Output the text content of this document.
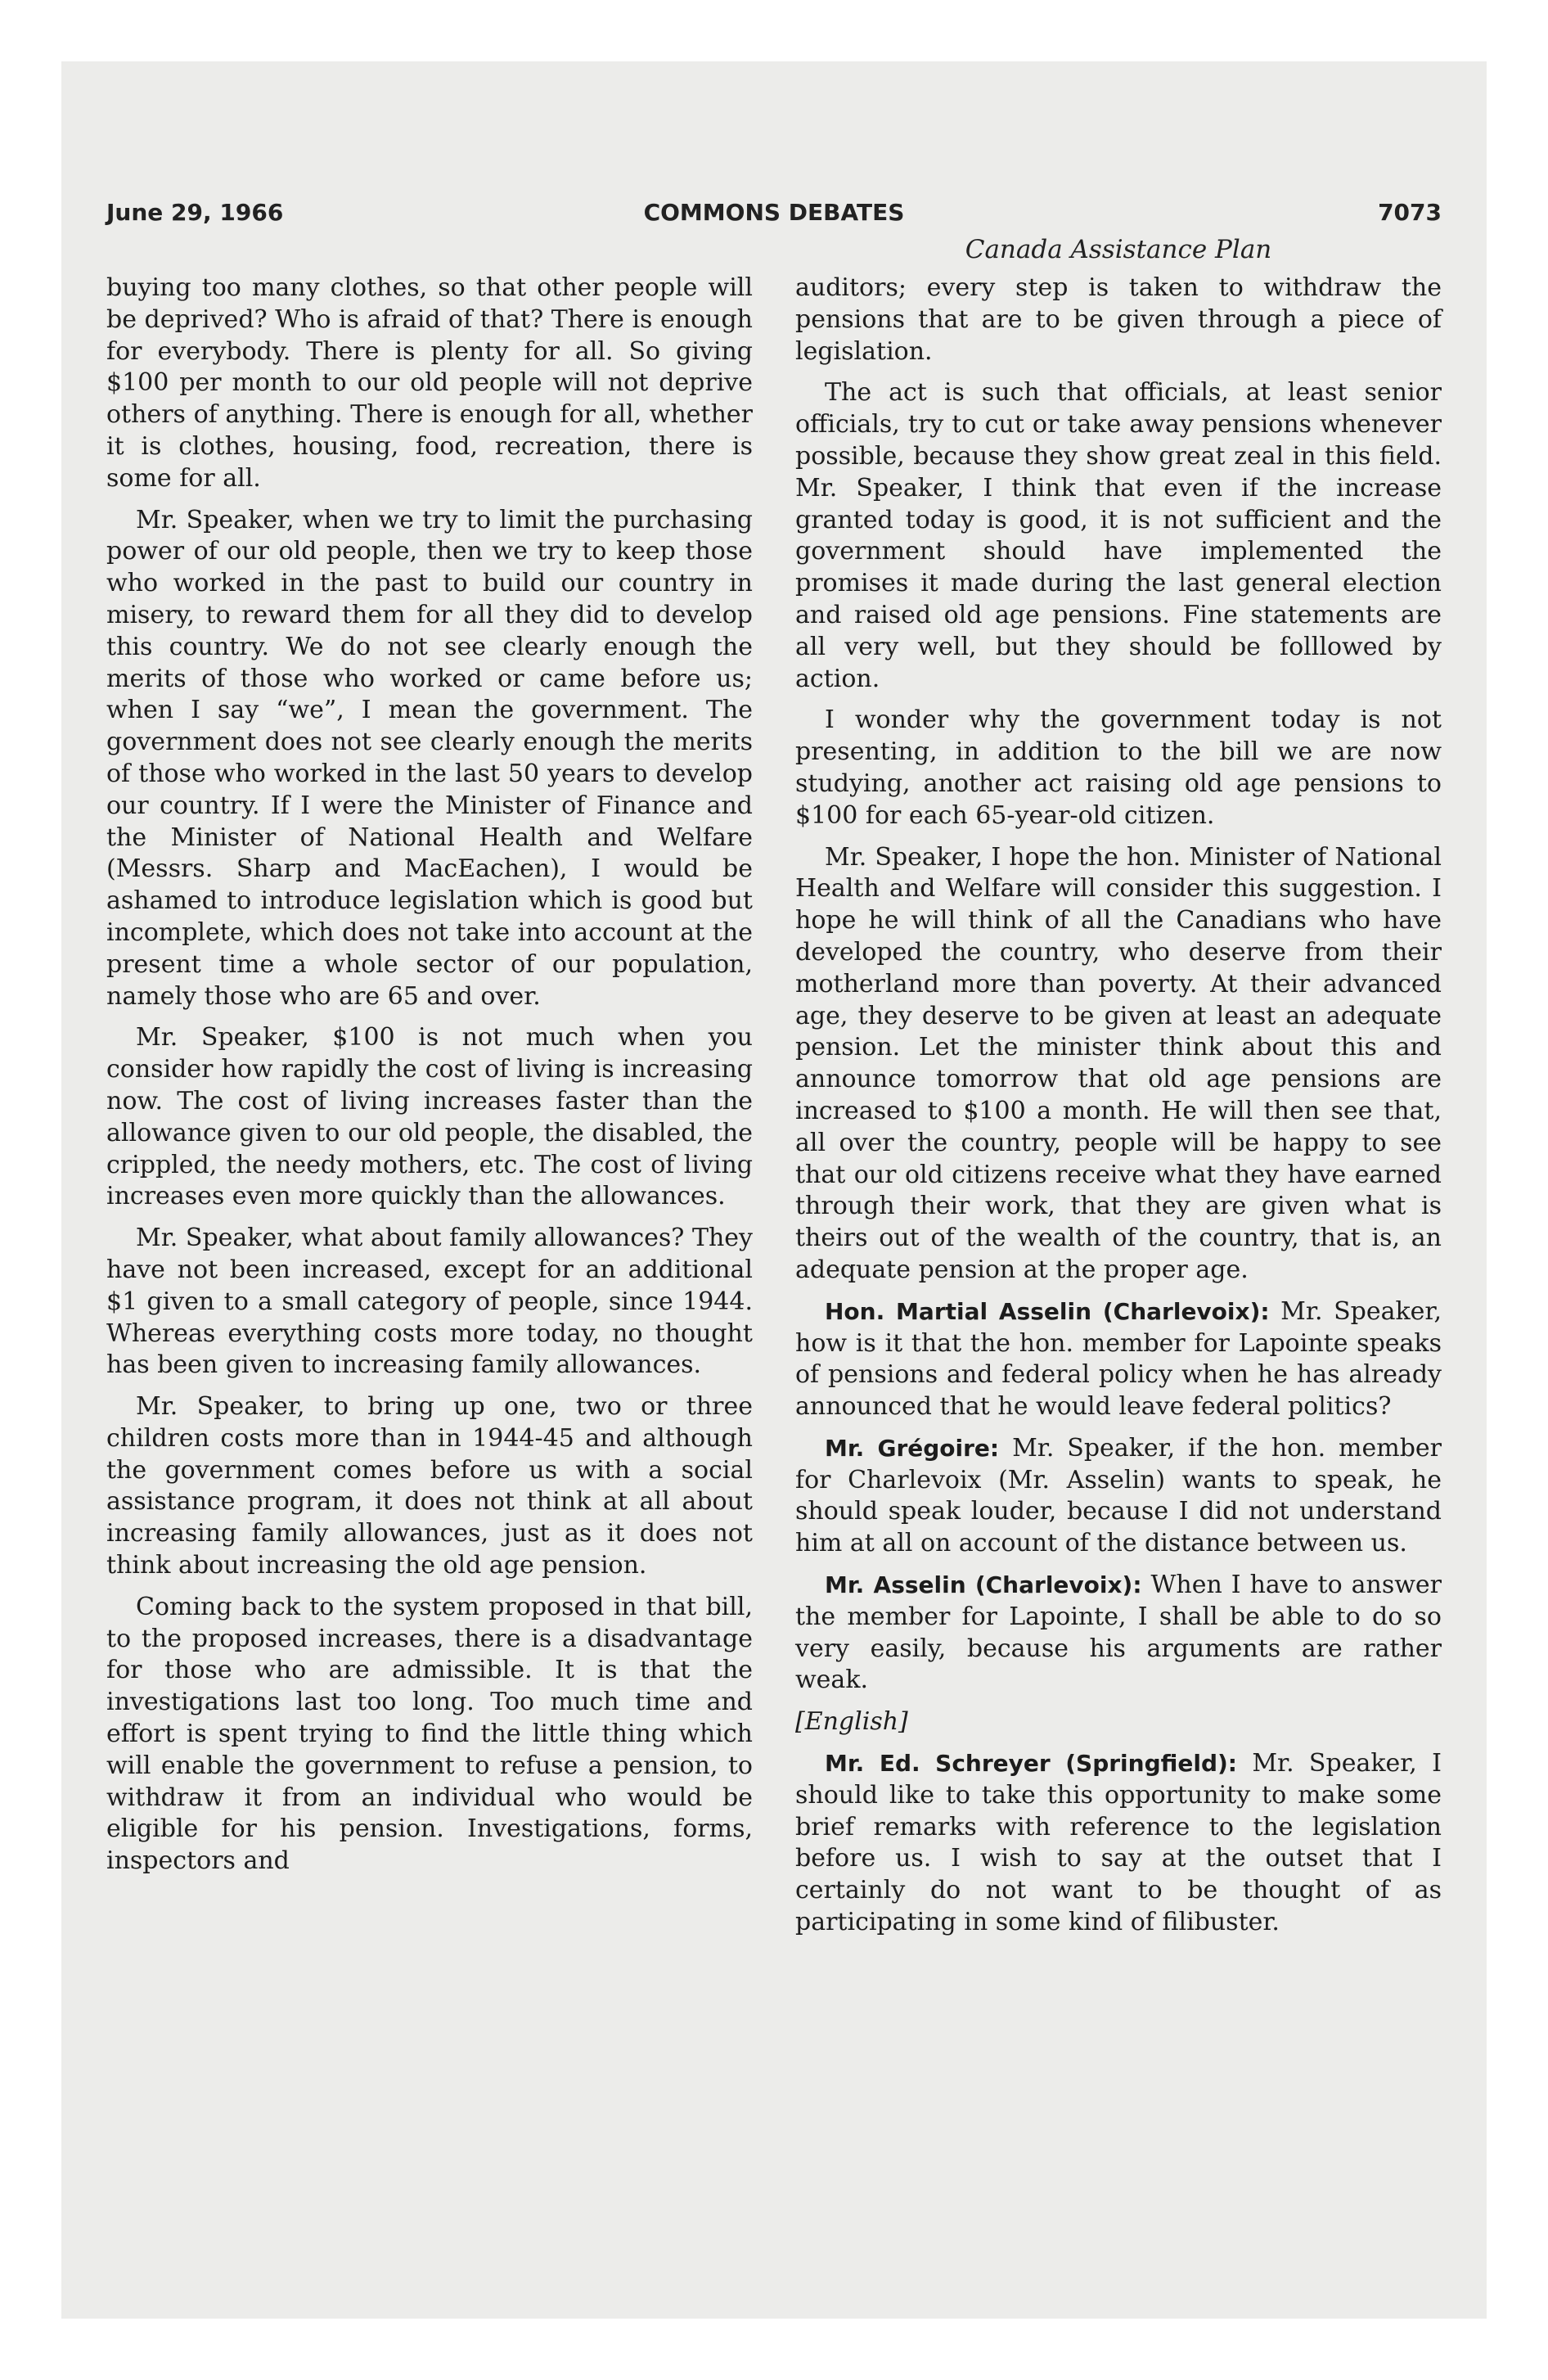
June 29, 1966	COMMONS DEBATES	7073
Canada Assistance Plan

buying too many clothes, so that other people will be deprived? Who is afraid of that? There is enough for everybody. There is plenty for all. So giving $100 per month to our old people will not deprive others of anything. There is enough for all, whether it is clothes, housing, food, recreation, there is some for all.

Mr. Speaker, when we try to limit the purchasing power of our old people, then we try to keep those who worked in the past to build our country in misery, to reward them for all they did to develop this country. We do not see clearly enough the merits of those who worked or came before us; when I say “we”, I mean the government. The government does not see clearly enough the merits of those who worked in the last 50 years to develop our country. If I were the Minister of Finance and the Minister of National Health and Welfare (Messrs. Sharp and MacEachen), I would be ashamed to introduce legislation which is good but incomplete, which does not take into account at the present time a whole sector of our population, namely those who are 65 and over.

Mr. Speaker, $100 is not much when you consider how rapidly the cost of living is increasing now. The cost of living increases faster than the allowance given to our old people, the disabled, the crippled, the needy mothers, etc. The cost of living increases even more quickly than the allowances.

Mr. Speaker, what about family allowances? They have not been increased, except for an additional $1 given to a small category of people, since 1944. Whereas everything costs more today, no thought has been given to increasing family allowances.

Mr. Speaker, to bring up one, two or three children costs more than in 1944-45 and although the government comes before us with a social assistance program, it does not think at all about increasing family allowances, just as it does not think about increasing the old age pension.

Coming back to the system proposed in that bill, to the proposed increases, there is a disadvantage for those who are admissible. It is that the investigations last too long. Too much time and effort is spent trying to find the little thing which will enable the government to refuse a pension, to withdraw it from an individual who would be eligible for his pension. Investigations, forms, inspectors and

auditors; every step is taken to withdraw the pensions that are to be given through a piece of legislation.

The act is such that officials, at least senior officials, try to cut or take away pensions whenever possible, because they show great zeal in this field. Mr. Speaker, I think that even if the increase granted today is good, it is not sufficient and the government should have implemented the promises it made during the last general election and raised old age pensions. Fine statements are all very well, but they should be folllowed by action.

I wonder why the government today is not presenting, in addition to the bill we are now studying, another act raising old age pensions to $100 for each 65-year-old citizen.

Mr. Speaker, I hope the hon. Minister of National Health and Welfare will consider this suggestion. I hope he will think of all the Canadians who have developed the country, who deserve from their motherland more than poverty. At their advanced age, they deserve to be given at least an adequate pension. Let the minister think about this and announce tomorrow that old age pensions are increased to $100 a month. He will then see that, all over the country, people will be happy to see that our old citizens receive what they have earned through their work, that they are given what is theirs out of the wealth of the country, that is, an adequate pension at the proper age.

Hon. Martial Asselin (Charlevoix): Mr. Speaker, how is it that the hon. member for Lapointe speaks of pensions and federal policy when he has already announced that he would leave federal politics?

Mr. Grégoire: Mr. Speaker, if the hon. member for Charlevoix (Mr. Asselin) wants to speak, he should speak louder, because I did not understand him at all on account of the distance between us.

Mr. Asselin (Charlevoix): When I have to answer the member for Lapointe, I shall be able to do so very easily, because his arguments are rather weak.

[English]

Mr. Ed. Schreyer (Springfield): Mr. Speaker, I should like to take this opportunity to make some brief remarks with reference to the legislation before us. I wish to say at the outset that I certainly do not want to be thought of as participating in some kind of filibuster.
